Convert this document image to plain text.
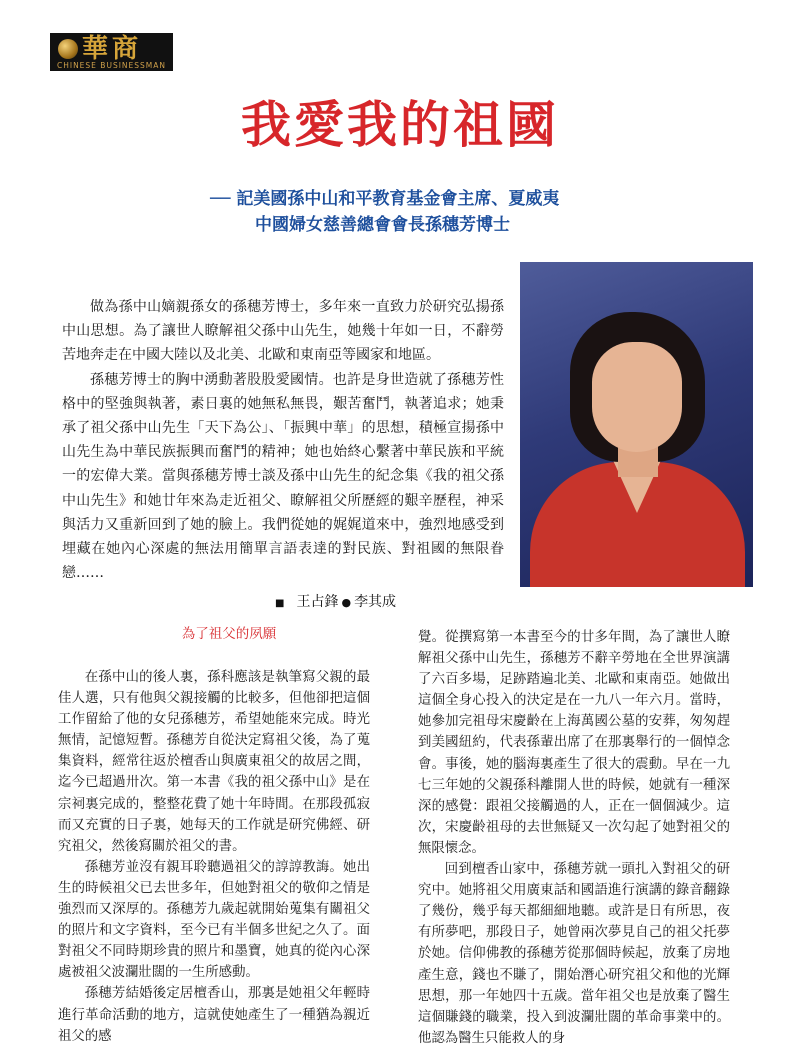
華商
CHINESE BUSINESSMAN
我愛我的祖國
── 記美國孫中山和平教育基金會主席、夏威夷
中國婦女慈善總會會長孫穗芳博士

做為孫中山嫡親孫女的孫穗芳博士，多年來一直致力於研究弘揚孫中山思想。為了讓世人瞭解祖父孫中山先生，她幾十年如一日，不辭勞苦地奔走在中國大陸以及北美、北歐和東南亞等國家和地區。

孫穗芳博士的胸中湧動著股股愛國情。也許是身世造就了孫穗芳性格中的堅強與執著，素日裏的她無私無畏，艱苦奮鬥，執著追求；她秉承了祖父孫中山先生「天下為公」、「振興中華」的思想，積極宣揚孫中山先生為中華民族振興而奮鬥的精神；她也始終心繫著中華民族和平統一的宏偉大業。當與孫穗芳博士談及孫中山先生的紀念集《我的祖父孫中山先生》和她廿年來為走近祖父、瞭解祖父所歷經的艱辛歷程，神采與活力又重新回到了她的臉上。我們從她的娓娓道來中，強烈地感受到埋藏在她內心深處的無法用簡單言語表達的對民族、對祖國的無限眷戀……

■ 王占鋒 ● 李其成
為了祖父的夙願

在孫中山的後人裏，孫科應該是執筆寫父親的最佳人選，只有他與父親接觸的比較多，但他卻把這個工作留給了他的女兒孫穗芳，希望她能來完成。時光無情，記憶短暫。孫穗芳自從決定寫祖父後，為了蒐集資料，經常往返於檀香山與廣東祖父的故居之間，迄今已超過卅次。第一本書《我的祖父孫中山》是在宗祠裏完成的，整整花費了她十年時間。在那段孤寂而又充實的日子裏，她每天的工作就是研究佛經、研究祖父，然後寫關於祖父的書。

孫穗芳並沒有親耳聆聽過祖父的諄諄教誨。她出生的時候祖父已去世多年，但她對祖父的敬仰之情是強烈而又深厚的。孫穗芳九歲起就開始蒐集有關祖父的照片和文字資料，至今已有半個多世紀之久了。面對祖父不同時期珍貴的照片和墨寶，她真的從內心深處被祖父波瀾壯闊的一生所感動。

孫穗芳結婚後定居檀香山，那裏是她祖父年輕時進行革命活動的地方，這就使她產生了一種猶為親近祖父的感

覺。從撰寫第一本書至今的廿多年間，為了讓世人瞭解祖父孫中山先生，孫穗芳不辭辛勞地在全世界演講了六百多場，足跡踏遍北美、北歐和東南亞。她做出這個全身心投入的決定是在一九八一年六月。當時，她參加完祖母宋慶齡在上海萬國公墓的安葬，匆匆趕到美國紐約，代表孫輩出席了在那裏舉行的一個悼念會。事後，她的腦海裏產生了很大的震動。早在一九七三年她的父親孫科離開人世的時候，她就有一種深深的感覺：跟祖父接觸過的人，正在一個個減少。這次，宋慶齡祖母的去世無疑又一次勾起了她對祖父的無限懷念。

回到檀香山家中，孫穗芳就一頭扎入對祖父的研究中。她將祖父用廣東話和國語進行演講的錄音翻錄了幾份，幾乎每天都細細地聽。或許是日有所思，夜有所夢吧，那段日子，她曾兩次夢見自己的祖父托夢於她。信仰佛教的孫穗芳從那個時候起，放棄了房地產生意，錢也不賺了，開始潛心研究祖父和他的光輝思想，那一年她四十五歲。當年祖父也是放棄了醫生這個賺錢的職業，投入到波瀾壯闊的革命事業中的。他認為醫生只能救人的身
